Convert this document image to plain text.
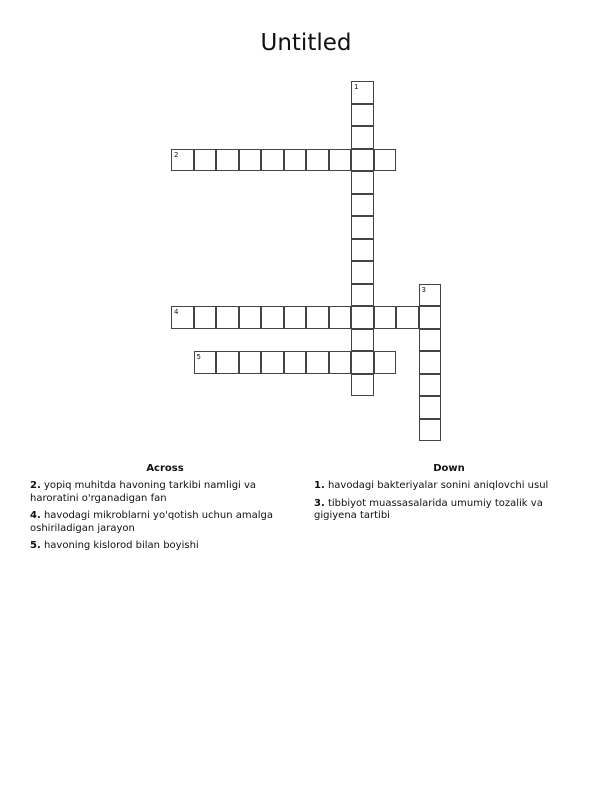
Untitled
1
2
3
4
5
Across
2. yopiq muhitda havoning tarkibi namligi va haroratini o'rganadigan fan
4. havodagi mikroblarni yo'qotish uchun amalga oshiriladigan jarayon
5. havoning kislorod bilan boyishi
Down
1. havodagi bakteriyalar sonini aniqlovchi usul
3. tibbiyot muassasalarida umumiy tozalik va gigiyena tartibi
